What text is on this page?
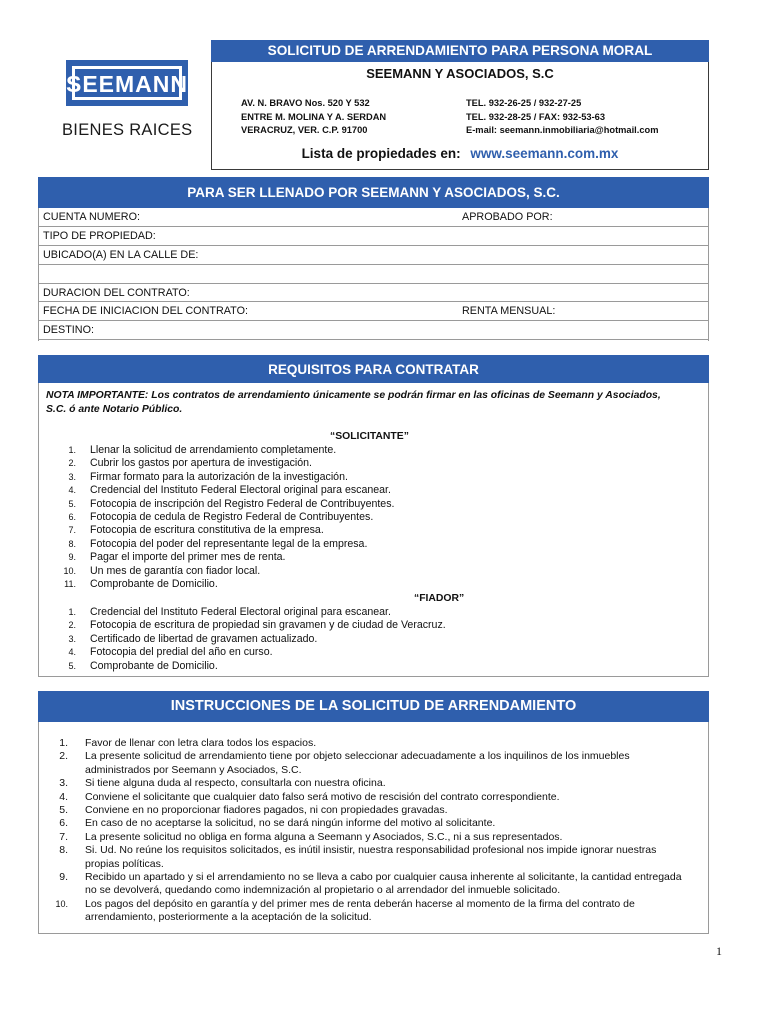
SEEMANN
BIENES RAICES
SOLICITUD DE ARRENDAMIENTO PARA PERSONA MORAL
SEEMANN Y ASOCIADOS, S.C
AV. N. BRAVO Nos. 520 Y 532
ENTRE M. MOLINA Y A. SERDAN
VERACRUZ, VER. C.P. 91700
TEL. 932-26-25 / 932-27-25
TEL. 932-28-25 / FAX: 932-53-63
E-mail: seemann.inmobiliaria@hotmail.com
Lista de propiedades en: www.seemann.com.mx
PARA SER LLENADO POR SEEMANN Y ASOCIADOS, S.C.
CUENTA NUMERO:	APROBADO POR:
TIPO DE PROPIEDAD:
UBICADO(A) EN LA CALLE DE:
DURACION DEL CONTRATO:
FECHA DE INICIACION DEL CONTRATO:	RENTA MENSUAL:
DESTINO:
REQUISITOS PARA CONTRATAR
NOTA IMPORTANTE: Los contratos de arrendamiento únicamente se podrán firmar en las oficinas de Seemann y Asociados, S.C. ó ante Notario Público.
“SOLICITANTE”
1. Llenar la solicitud de arrendamiento completamente.
2. Cubrir los gastos por apertura de investigación.
3. Firmar formato para la autorización de la investigación.
4. Credencial del Instituto Federal Electoral original para escanear.
5. Fotocopia de inscripción del Registro Federal de Contribuyentes.
6. Fotocopia de cedula de Registro Federal de Contribuyentes.
7. Fotocopia de escritura constitutiva de la empresa.
8. Fotocopia del poder del representante legal de la empresa.
9. Pagar el importe del primer mes de renta.
10. Un mes de garantía con fiador local.
11. Comprobante de Domicilio.
“FIADOR”
1. Credencial del Instituto Federal Electoral original para escanear.
2. Fotocopia de escritura de propiedad sin gravamen y de ciudad de Veracruz.
3. Certificado de libertad de gravamen actualizado.
4. Fotocopia del predial del año en curso.
5. Comprobante de Domicilio.
INSTRUCCIONES DE LA SOLICITUD DE ARRENDAMIENTO
1. Favor de llenar con letra clara todos los espacios.
2. La presente solicitud de arrendamiento tiene por objeto seleccionar adecuadamente a los inquilinos de los inmuebles administrados por Seemann y Asociados, S.C.
3. Si tiene alguna duda al respecto, consultarla con nuestra oficina.
4. Conviene el solicitante que cualquier dato falso será motivo de rescisión del contrato correspondiente.
5. Conviene en no proporcionar fiadores pagados, ni con propiedades gravadas.
6. En caso de no aceptarse la solicitud, no se dará ningún informe del motivo al solicitante.
7. La presente solicitud no obliga en forma alguna a Seemann y Asociados, S.C., ni a sus representados.
8. Si. Ud. No reúne los requisitos solicitados, es inútil insistir, nuestra responsabilidad profesional nos impide ignorar nuestras propias políticas.
9. Recibido un apartado y si el arrendamiento no se lleva a cabo por cualquier causa inherente al solicitante, la cantidad entregada no se devolverá, quedando como indemnización al propietario o al arrendador del inmueble solicitado.
10. Los pagos del depósito en garantía y del primer mes de renta deberán hacerse al momento de la firma del contrato de arrendamiento, posteriormente a la aceptación de la solicitud.
1
